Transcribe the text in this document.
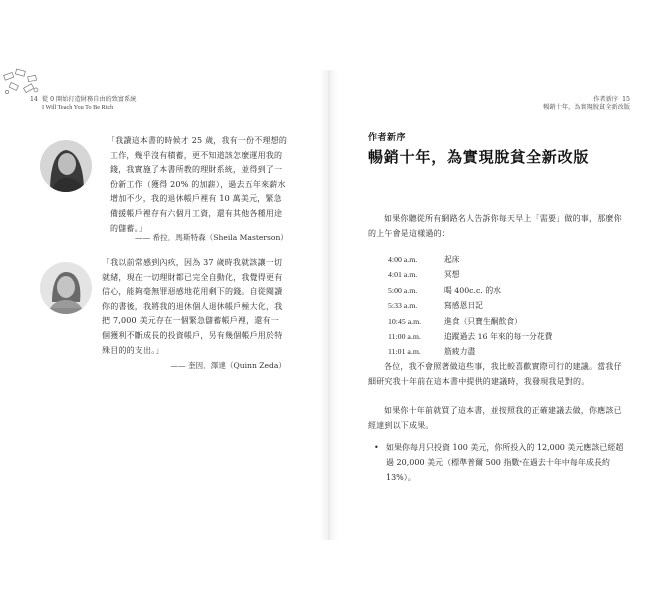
14 從 0 開始打造財務自由的致富系統
I Will Teach You To Be Rich
作者新序 15
暢銷十年，為實現脫貧全新改版
「我讀這本書的時候才 25 歲，我有一份不理想的工作，幾乎沒有積蓄，更不知道該怎麼運用我的錢，我實施了本書所教的理財系統，並得到了一份新工作（獲得 20% 的加薪），過去五年來薪水增加不少，我的退休帳戶裡有 10 萬美元，緊急備援帳戶裡存有六個月工資，還有其他各種用途的儲蓄。」
—— 希拉．馬斯特森（Sheila Masterson）
「我以前常感到內疚，因為 37 歲時我就該讓一切就緒，現在一切理財都已完全自動化，我覺得更有信心，能夠毫無罪惡感地花用剩下的錢。自從閱讀你的書後，我將我的退休個人退休帳戶極大化，我把 7,000 美元存在一個緊急儲蓄帳戶裡，還有一個獲利不斷成長的投資帳戶，另有幾個帳戶用於特殊目的的支出。」
—— 奎因．澤達（Quinn Zeda）
作者新序
暢銷十年，為實現脫貧全新改版
如果你聽從所有網路名人告訴你每天早上「需要」做的事，那麼你的上午會是這樣過的：
4:00 a.m.	起床
4:01 a.m.	冥想
5:00 a.m.	喝 400c.c. 的水
5:33 a.m.	寫感恩日記
10:45 a.m.	進食（只寶生酮飲食）
11:00 a.m.	追蹤過去 16 年來的每一分花費
11:01 a.m.	筋疲力盡
各位，我不會照著做這些事，我比較喜歡實際可行的建議。當我仔細研究我十年前在這本書中提供的建議時，我發現我是對的。
如果你十年前就買了這本書，並按照我的正確建議去做，你應該已經達到以下成果。
• 如果你每月只投資 100 美元，你所投入的 12,000 美元應該已經超過 20,000 美元（標準普爾 500 指數*在過去十年中每年成長約 13%）。
